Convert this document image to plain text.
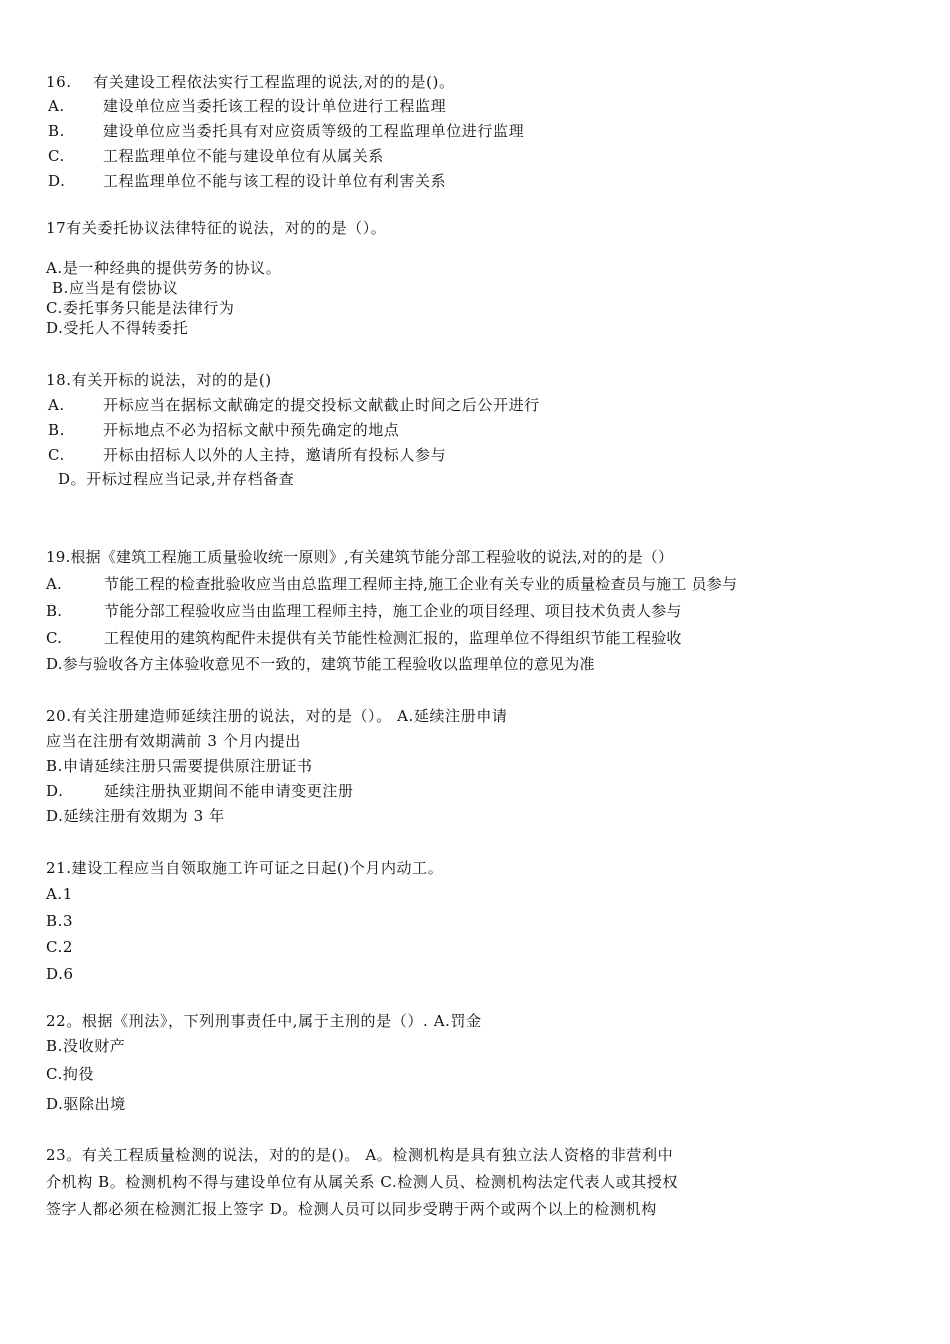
16.    有关建设工程依法实行工程监理的说法,对的的是()。
A.	建设单位应当委托该工程的设计单位进行工程监理
B.	建设单位应当委托具有对应资质等级的工程监理单位进行监理
C.	工程监理单位不能与建设单位有从属关系
D.	工程监理单位不能与该工程的设计单位有利害关系
17有关委托协议法律特征的说法，对的的是（）。
A.是一种经典的提供劳务的协议。
B.应当是有偿协议
C.委托事务只能是法律行为
D.受托人不得转委托
18.有关开标的说法，对的的是()
A.	开标应当在据标文献确定的提交投标文献截止时间之后公开进行
B.	开标地点不必为招标文献中预先确定的地点
C.	开标由招标人以外的人主持，邀请所有投标人参与
D。开标过程应当记录,并存档备查
19.根据《建筑工程施工质量验收统一原则》,有关建筑节能分部工程验收的说法,对的的是（）
A.	节能工程的检查批验收应当由总监理工程师主持,施工企业有关专业的质量检查员与施工 员参与
B.	节能分部工程验收应当由监理工程师主持，施工企业的项目经理、项目技术负责人参与
C.	工程使用的建筑构配件未提供有关节能性检测汇报的，监理单位不得组织节能工程验收
D.参与验收各方主体验收意见不一致的，建筑节能工程验收以监理单位的意见为准
20.有关注册建造师延续注册的说法，对的是（）。 A.延续注册申请
应当在注册有效期满前 3 个月内提出
B.申请延续注册只需要提供原注册证书
D.	延续注册执亚期间不能申请变更注册
D.延续注册有效期为 3 年
21.建设工程应当自领取施工许可证之日起()个月内动工。
A.1
B.3
C.2
D.6
22。根据《刑法》，下列刑事责任中,属于主刑的是（）. A.罚金
B.没收财产
C.拘役
D.驱除出境
23。有关工程质量检测的说法，对的的是()。 A。检测机构是具有独立法人资格的非营利中
介机构 B。检测机构不得与建设单位有从属关系 C.检测人员、检测机构法定代表人或其授权
签字人都必须在检测汇报上签字 D。检测人员可以同步受聘于两个或两个以上的检测机构
